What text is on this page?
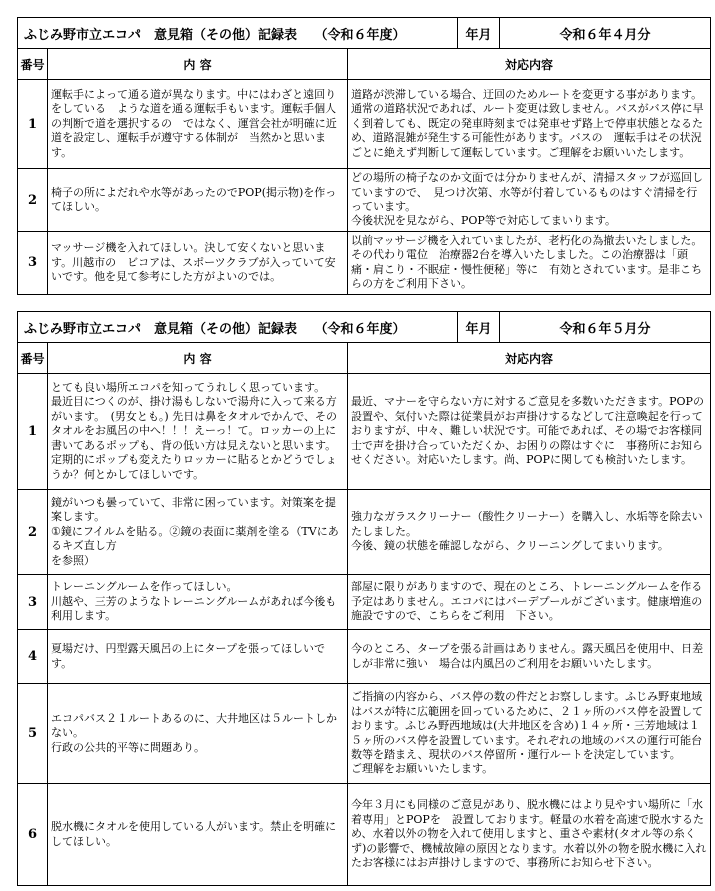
ふじみ野市立エコパ　意見箱（その他）記録表　 （令和６年度）			年月	令和６年４月分
番号	内 容	対応内容		
1	運転手によって通る道が異なります。中にはわざと遠回りをしている　ような道を通る運転手もいます。運転手個人の判断で道を選択するの　ではなく、運営会社が明確に近道を設定し、運転手が遵守する体制が　当然かと思います。	道路が渋滞している場合、迂回のためルートを変更する事があります。通常の道路状況であれば、ルート変更は致しません。バスがバス停に早く到着しても、既定の発車時刻までは発車せず路上で停車状態となるため、道路混雑が発生する可能性があります。バスの　運転手はその状況ごとに絶えず判断して運転しています。ご理解をお願いいたします。		

2	椅子の所によだれや水等があったのでPOP(掲示物)を作ってほしい。	どの場所の椅子なのか文面では分かりませんが、清掃スタッフが巡回していますので、　見つけ次第、水等が付着しているものはすぐ清掃を行っています。
今後状況を見ながら、POP等で対応してまいります。		

3	マッサージ機を入れてほしい。決して安くないと思います。川越市の　ビコアは、スポーツクラブが入っていて安いです。他を見て参考にした方がよいのでは。	以前マッサージ機を入れていましたが、老朽化の為撤去いたしました。その代わり電位　治療器2台を導入いたしました。この治療器は「頭痛・肩こり・不眠症・慢性便秘」等に　有効とされています。是非こちらの方をご利用下さい。		

ふじみ野市立エコパ　意見箱（その他）記録表　 （令和６年度）			年月	令和６年５月分
番号	内 容	対応内容		
1	とても良い場所エコパを知ってうれしく思っています。
最近目につくのが、掛け湯もしないで湯舟に入って来る方がいます。　(男女とも。) 先日は鼻をタオルでかんで、そのタオルをお風呂の中へ！！！えーっ！て。ロッカーの上に書いてあるポップも、背の低い方は見えないと思います。定期的にポップも変えたりロッカーに貼るとかどうでしょうか？何とかしてほしいです。	最近、マナーを守らない方に対するご意見を多数いただきます。POPの設置や、気付いた際は従業員がお声掛けするなどして注意喚起を行っておりますが、中々、難しい状況です。可能であれば、その場でお客様同士で声を掛け合っていただくか、お困りの際はすぐに　事務所にお知らせください。対応いたします。尚、POPに関しても検討いたします。		

2	鏡がいつも曇っていて、非常に困っています。対策案を提案します。
①鏡にフイルムを貼る。②鏡の表面に薬剤を塗る（TVにあるキズ直し方
を参照）	強力なガラスクリーナー（酸性クリーナー）を購入し、水垢等を除去いたしました。
今後、鏡の状態を確認しながら、クリーニングしてまいります。		

3	トレーニングルームを作ってほしい。
川越や、三芳のようなトレーニングルームがあれば今後も利用します。	部屋に限りがありますので、現在のところ、トレーニングルームを作る予定はありません。エコパにはバーデプールがございます。健康増進の施設ですので、こちらをご利用　下さい。		

4	夏場だけ、円型露天風呂の上にタープを張ってほしいです。	今のところ、タープを張る計画はありません。露天風呂を使用中、日差しが非常に強い　場合は内風呂のご利用をお願いいたします。		

5	エコパバス２１ルートあるのに、大井地区は５ルートしかない。
行政の公共的平等に問題あり。	ご指摘の内容から、バス停の数の件だとお察しします。ふじみ野東地域はバスが特に広範囲を回っているために、２１ヶ所のバス停を設置しております。ふじみ野西地域は(大井地区を含め)１４ヶ所・三芳地域は１５ヶ所のバス停を設置しています。それぞれの地域のバスの運行可能台数等を踏まえ、現状のバス停留所・運行ルートを決定しています。　　ご理解をお願いいたします。		

6	脱水機にタオルを使用している人がいます。禁止を明確にしてほしい。	今年３月にも同様のご意見があり、脱水機にはより見やすい場所に「水着専用」とPOPを　設置しております。軽量の水着を高速で脱水するため、水着以外の物を入れて使用しますと、重さや素材(タオル等の糸くず)の影響で、機械故障の原因となります。水着以外の物を脱水機に入れたお客様にはお声掛けしますので、事務所にお知らせ下さい。		
